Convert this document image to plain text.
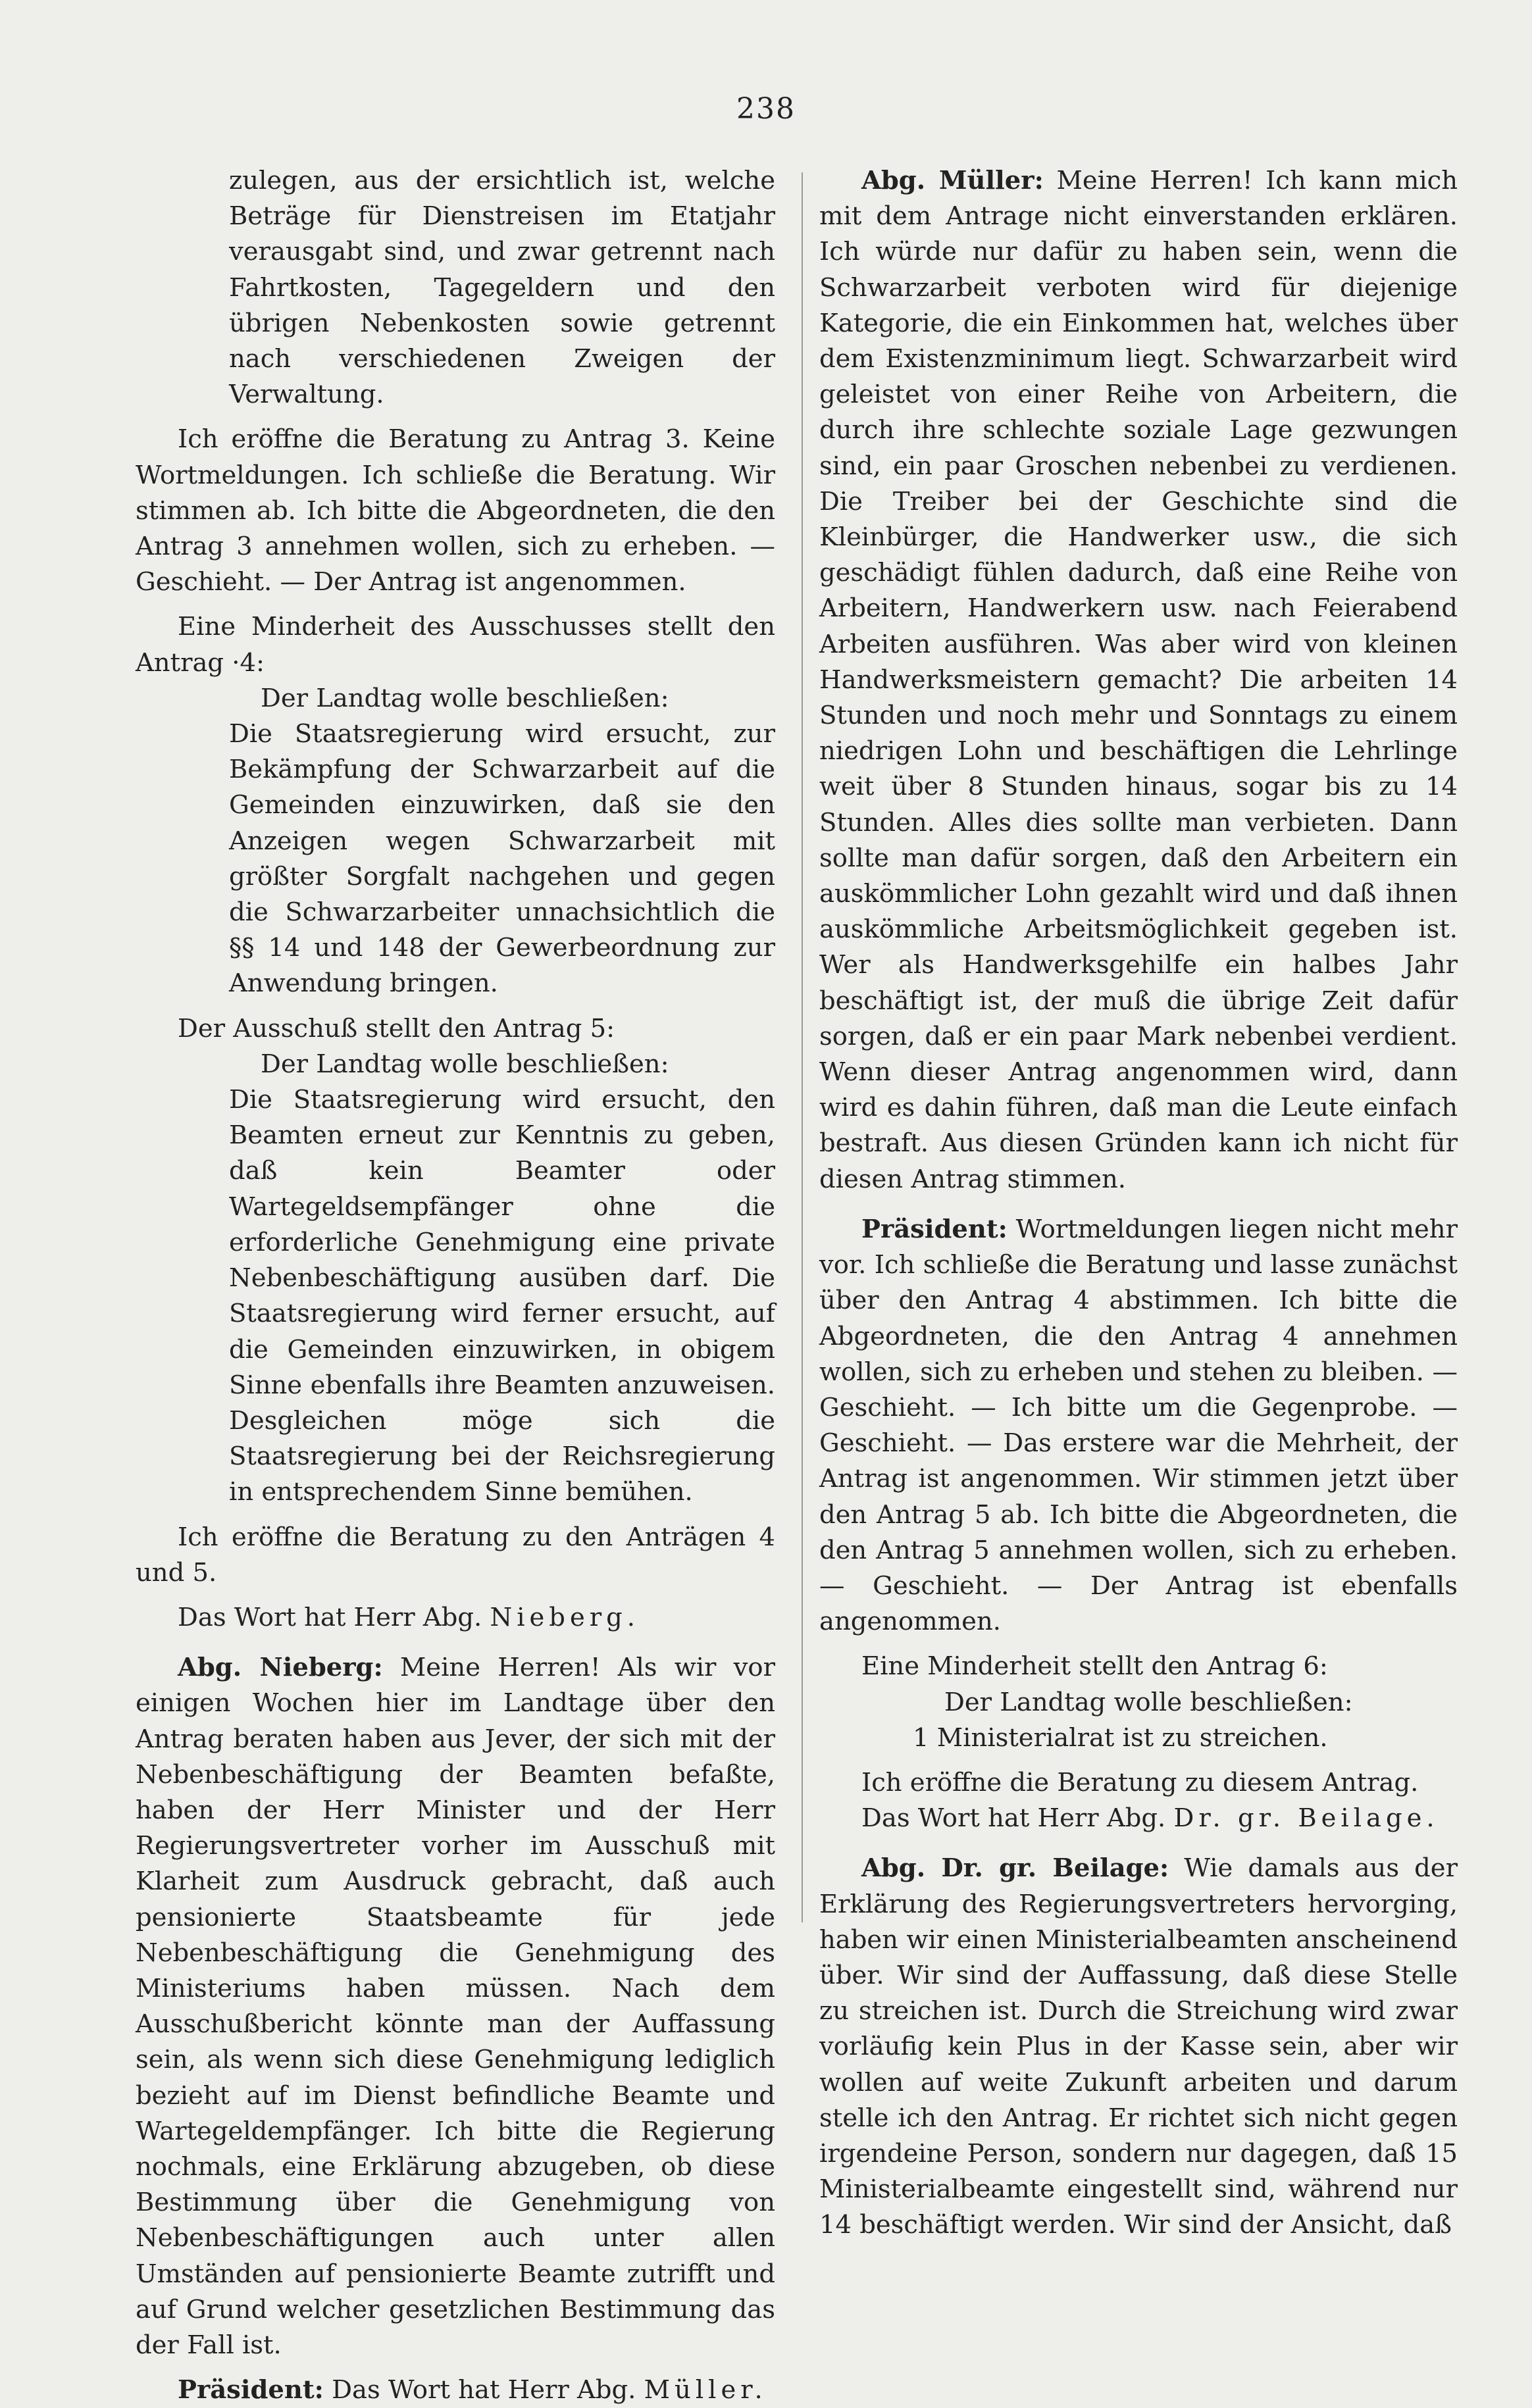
238

zulegen, aus der ersichtlich ist, welche Beträge für Dienstreisen im Etatjahr verausgabt sind, und zwar getrennt nach Fahrtkosten, Tagegeldern und den übrigen Nebenkosten sowie getrennt nach verschiedenen Zweigen der Verwaltung.

Ich eröffne die Beratung zu Antrag 3. Keine Wortmeldungen. Ich schließe die Beratung. Wir stimmen ab. Ich bitte die Abgeordneten, die den Antrag 3 annehmen wollen, sich zu erheben. — Geschieht. — Der Antrag ist angenommen.

Eine Minderheit des Ausschusses stellt den Antrag ·4:

Der Landtag wolle beschließen:

Die Staatsregierung wird ersucht, zur Bekämpfung der Schwarzarbeit auf die Gemeinden einzuwirken, daß sie den Anzeigen wegen Schwarzarbeit mit größter Sorgfalt nachgehen und gegen die Schwarzarbeiter unnachsichtlich die §§ 14 und 148 der Gewerbeordnung zur Anwendung bringen.

Der Ausschuß stellt den Antrag 5:

Der Landtag wolle beschließen:

Die Staatsregierung wird ersucht, den Beamten erneut zur Kenntnis zu geben, daß kein Beamter oder Wartegeldsempfänger ohne die erforderliche Genehmigung eine private Nebenbeschäftigung ausüben darf. Die Staatsregierung wird ferner ersucht, auf die Gemeinden einzuwirken, in obigem Sinne ebenfalls ihre Beamten anzuweisen. Desgleichen möge sich die Staatsregierung bei der Reichsregierung in entsprechendem Sinne bemühen.

Ich eröffne die Beratung zu den Anträgen 4 und 5.

Das Wort hat Herr Abg. Nieberg.

Abg. Nieberg: Meine Herren! Als wir vor einigen Wochen hier im Landtage über den Antrag beraten haben aus Jever, der sich mit der Nebenbeschäftigung der Beamten befaßte, haben der Herr Minister und der Herr Regierungsvertreter vorher im Ausschuß mit Klarheit zum Ausdruck gebracht, daß auch pensionierte Staatsbeamte für jede Nebenbeschäftigung die Genehmigung des Ministeriums haben müssen. Nach dem Ausschußbericht könnte man der Auffassung sein, als wenn sich diese Genehmigung lediglich bezieht auf im Dienst befindliche Beamte und Wartegeldempfänger. Ich bitte die Regierung nochmals, eine Erklärung abzugeben, ob diese Bestimmung über die Genehmigung von Nebenbeschäftigungen auch unter allen Umständen auf pensionierte Beamte zutrifft und auf Grund welcher gesetzlichen Bestimmung das der Fall ist.

Präsident: Das Wort hat Herr Abg. Müller.

Abg. Müller: Meine Herren! Ich kann mich mit dem Antrage nicht einverstanden erklären. Ich würde nur dafür zu haben sein, wenn die Schwarzarbeit verboten wird für diejenige Kategorie, die ein Einkommen hat, welches über dem Existenzminimum liegt. Schwarzarbeit wird geleistet von einer Reihe von Arbeitern, die durch ihre schlechte soziale Lage gezwungen sind, ein paar Groschen nebenbei zu verdienen. Die Treiber bei der Geschichte sind die Kleinbürger, die Handwerker usw., die sich geschädigt fühlen dadurch, daß eine Reihe von Arbeitern, Handwerkern usw. nach Feierabend Arbeiten ausführen. Was aber wird von kleinen Handwerksmeistern gemacht? Die arbeiten 14 Stunden und noch mehr und Sonntags zu einem niedrigen Lohn und beschäftigen die Lehrlinge weit über 8 Stunden hinaus, sogar bis zu 14 Stunden. Alles dies sollte man verbieten. Dann sollte man dafür sorgen, daß den Arbeitern ein auskömmlicher Lohn gezahlt wird und daß ihnen auskömmliche Arbeitsmöglichkeit gegeben ist. Wer als Handwerksgehilfe ein halbes Jahr beschäftigt ist, der muß die übrige Zeit dafür sorgen, daß er ein paar Mark nebenbei verdient. Wenn dieser Antrag angenommen wird, dann wird es dahin führen, daß man die Leute einfach bestraft. Aus diesen Gründen kann ich nicht für diesen Antrag stimmen.

Präsident: Wortmeldungen liegen nicht mehr vor. Ich schließe die Beratung und lasse zunächst über den Antrag 4 abstimmen. Ich bitte die Abgeordneten, die den Antrag 4 annehmen wollen, sich zu erheben und stehen zu bleiben. — Geschieht. — Ich bitte um die Gegenprobe. — Geschieht. — Das erstere war die Mehrheit, der Antrag ist angenommen. Wir stimmen jetzt über den Antrag 5 ab. Ich bitte die Abgeordneten, die den Antrag 5 annehmen wollen, sich zu erheben. — Geschieht. — Der Antrag ist ebenfalls angenommen.

Eine Minderheit stellt den Antrag 6:

Der Landtag wolle beschließen:

1 Ministerialrat ist zu streichen.

Ich eröffne die Beratung zu diesem Antrag.

Das Wort hat Herr Abg. Dr. gr. Beilage.

Abg. Dr. gr. Beilage: Wie damals aus der Erklärung des Regierungsvertreters hervorging, haben wir einen Ministerialbeamten anscheinend über. Wir sind der Auffassung, daß diese Stelle zu streichen ist. Durch die Streichung wird zwar vorläufig kein Plus in der Kasse sein, aber wir wollen auf weite Zukunft arbeiten und darum stelle ich den Antrag. Er richtet sich nicht gegen irgendeine Person, sondern nur dagegen, daß 15 Ministerialbeamte eingestellt sind, während nur 14 beschäftigt werden. Wir sind der Ansicht, daß
